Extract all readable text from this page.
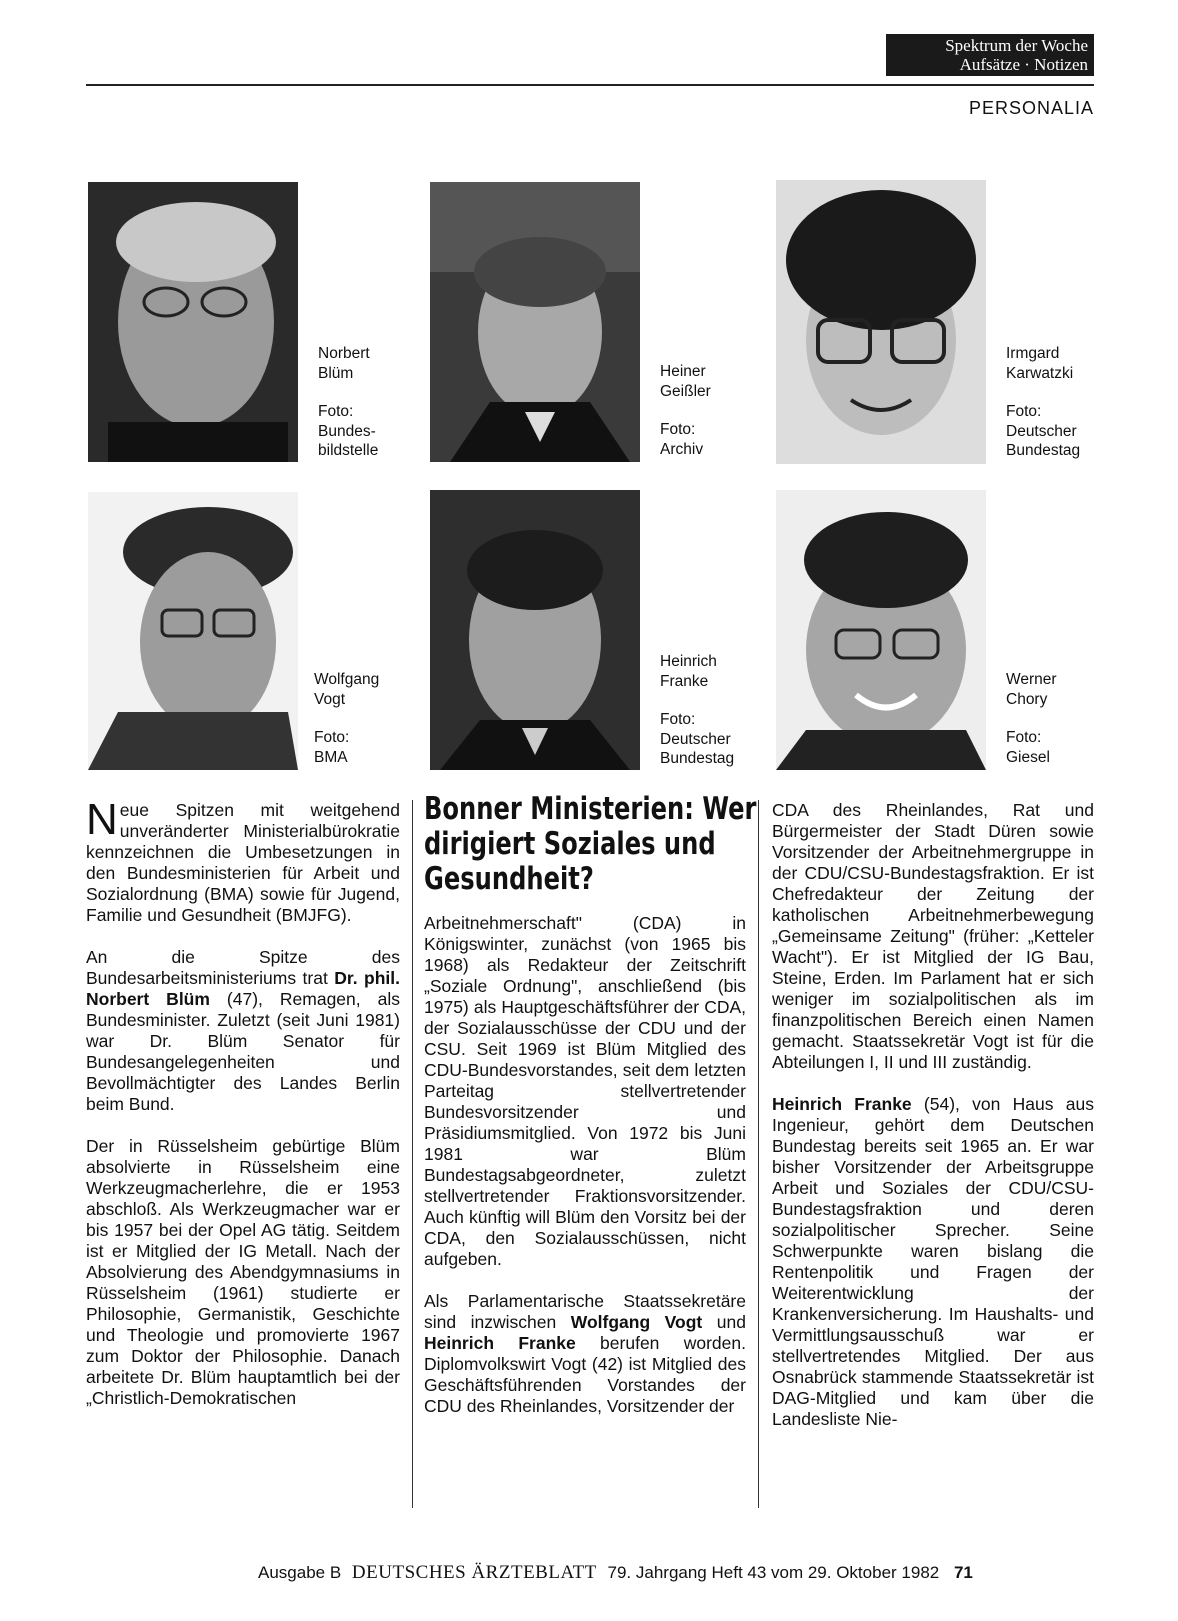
Spektrum der Woche
Aufsätze · Notizen
PERSONALIA
Norbert
Blüm
Foto:
Bundes-
bildstelle
Heiner
Geißler
Foto:
Archiv
Irmgard
Karwatzki
Foto:
Deutscher
Bundestag
Wolfgang
Vogt
Foto:
BMA
Heinrich
Franke
Foto:
Deutscher
Bundestag
Werner
Chory
Foto:
Giesel

Neue Spitzen mit weitgehend unveränderter Ministerialbürokratie kennzeichnen die Umbesetzungen in den Bundesministerien für Arbeit und Sozialordnung (BMA) sowie für Jugend, Familie und Gesundheit (BMJFG).

An die Spitze des Bundesarbeitsministeriums trat Dr. phil. Norbert Blüm (47), Remagen, als Bundesminister. Zuletzt (seit Juni 1981) war Dr. Blüm Senator für Bundesangelegenheiten und Bevollmächtigter des Landes Berlin beim Bund.

Der in Rüsselsheim gebürtige Blüm absolvierte in Rüsselsheim eine Werkzeugmacherlehre, die er 1953 abschloß. Als Werkzeugmacher war er bis 1957 bei der Opel AG tätig. Seitdem ist er Mitglied der IG Metall. Nach der Absolvierung des Abendgymnasiums in Rüsselsheim (1961) studierte er Philosophie, Germanistik, Geschichte und Theologie und promovierte 1967 zum Doktor der Philosophie. Danach arbeitete Dr. Blüm hauptamtlich bei der „Christlich-Demokratischen

Bonner Ministerien: Wer dirigiert Soziales und Gesundheit?

Arbeitnehmerschaft" (CDA) in Königswinter, zunächst (von 1965 bis 1968) als Redakteur der Zeitschrift „Soziale Ordnung", anschließend (bis 1975) als Hauptgeschäftsführer der CDA, der Sozialausschüsse der CDU und der CSU. Seit 1969 ist Blüm Mitglied des CDU-Bundesvorstandes, seit dem letzten Parteitag stellvertretender Bundesvorsitzender und Präsidiumsmitglied. Von 1972 bis Juni 1981 war Blüm Bundestagsabgeordneter, zuletzt stellvertretender Fraktionsvorsitzender. Auch künftig will Blüm den Vorsitz bei der CDA, den Sozialausschüssen, nicht aufgeben.

Als Parlamentarische Staatssekretäre sind inzwischen Wolfgang Vogt und Heinrich Franke berufen worden. Diplomvolkswirt Vogt (42) ist Mitglied des Geschäftsführenden Vorstandes der CDU des Rheinlandes, Vorsitzender der

CDA des Rheinlandes, Rat und Bürgermeister der Stadt Düren sowie Vorsitzender der Arbeitnehmergruppe in der CDU/CSU-Bundestagsfraktion. Er ist Chefredakteur der Zeitung der katholischen Arbeitnehmerbewegung „Gemeinsame Zeitung" (früher: „Ketteler Wacht"). Er ist Mitglied der IG Bau, Steine, Erden. Im Parlament hat er sich weniger im sozialpolitischen als im finanzpolitischen Bereich einen Namen gemacht. Staatssekretär Vogt ist für die Abteilungen I, II und III zuständig.

Heinrich Franke (54), von Haus aus Ingenieur, gehört dem Deutschen Bundestag bereits seit 1965 an. Er war bisher Vorsitzender der Arbeitsgruppe Arbeit und Soziales der CDU/CSU-Bundestagsfraktion und deren sozialpolitischer Sprecher. Seine Schwerpunkte waren bislang die Rentenpolitik und Fragen der Weiterentwicklung der Krankenversicherung. Im Haushalts- und Vermittlungsausschuß war er stellvertretendes Mitglied. Der aus Osnabrück stammende Staatssekretär ist DAG-Mitglied und kam über die Landesliste Nie-

Ausgabe B DEUTSCHES ÄRZTEBLATT 79. Jahrgang Heft 43 vom 29. Oktober 1982 71
